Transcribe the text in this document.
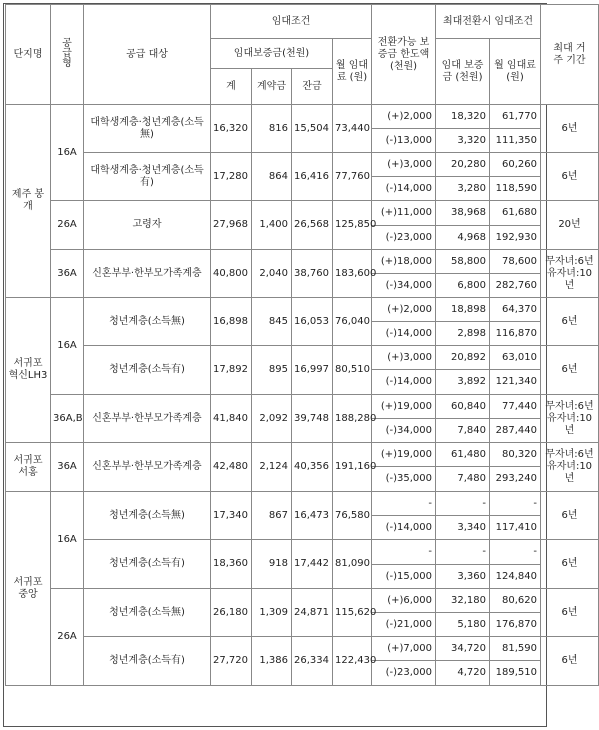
단지명	공급형	공급 대상	임대조건				전환가능 보증금 한도액 (천원)	최대전환시 임대조건		최대 거주 기간
			임대보증금(천원)			월 임대료 (원)		임대 보증금 (천원)	월 임대료 (원)	
			계	계약금	잔금					
제주 봉개	16A	대학생계층·청년계층(소득無)	16,320	816	15,504	73,440	(+)2,000	18,320	61,770	6년
							(-)13,000	3,320	111,350	
		대학생계층·청년계층(소득有)	17,280	864	16,416	77,760	(+)3,000	20,280	60,260	6년
							(-)14,000	3,280	118,590	
	26A	고령자	27,968	1,400	26,568	125,850	(+)11,000	38,968	61,680	20년
							(-)23,000	4,968	192,930	
	36A	신혼부부·한부모가족계층	40,800	2,040	38,760	183,600	(+)18,000	58,800	78,600	무자녀:6년 유자녀:10년
							(-)34,000	6,800	282,760	
서귀포 혁신LH3	16A	청년계층(소득無)	16,898	845	16,053	76,040	(+)2,000	18,898	64,370	6년
							(-)14,000	2,898	116,870	
		청년계층(소득有)	17,892	895	16,997	80,510	(+)3,000	20,892	63,010	6년
							(-)14,000	3,892	121,340	
	36A,B	신혼부부·한부모가족계층	41,840	2,092	39,748	188,280	(+)19,000	60,840	77,440	무자녀:6년 유자녀:10년
							(-)34,000	7,840	287,440	
서귀포 서홍	36A	신혼부부·한부모가족계층	42,480	2,124	40,356	191,160	(+)19,000	61,480	80,320	무자녀:6년 유자녀:10년
							(-)35,000	7,480	293,240	
서귀포 중앙	16A	청년계층(소득無)	17,340	867	16,473	76,580	-	-	-	6년
							(-)14,000	3,340	117,410	
		청년계층(소득有)	18,360	918	17,442	81,090	-	-	-	6년
							(-)15,000	3,360	124,840	
	26A	청년계층(소득無)	26,180	1,309	24,871	115,620	(+)6,000	32,180	80,620	6년
							(-)21,000	5,180	176,870	
		청년계층(소득有)	27,720	1,386	26,334	122,430	(+)7,000	34,720	81,590	6년
							(-)23,000	4,720	189,510	
